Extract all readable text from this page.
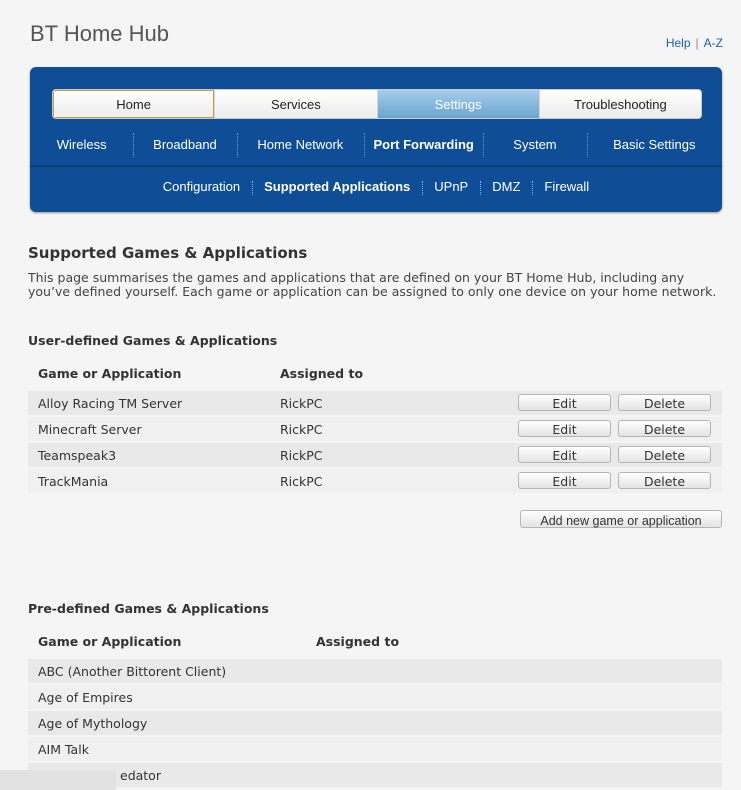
BT Home Hub	Help | A-Z
Home	Services	Settings	Troubleshooting
Wireless	Broadband	Home Network	Port Forwarding	System	Basic Settings
Configuration	Supported Applications	UPnP	DMZ	Firewall
Supported Games & Applications
This page summarises the games and applications that are defined on your BT Home Hub, including any you’ve defined yourself. Each game or application can be assigned to only one device on your home network.
User-defined Games & Applications
Game or Application	Assigned to
Alloy Racing TM Server	RickPC	Edit	Delete
Minecraft Server	RickPC	Edit	Delete
Teamspeak3	RickPC	Edit	Delete
TrackMania	RickPC	Edit	Delete
Add new game or application
Pre-defined Games & Applications
Game or Application	Assigned to
ABC (Another Bittorent Client)
Age of Empires
Age of Mythology
AIM Talk
edator
